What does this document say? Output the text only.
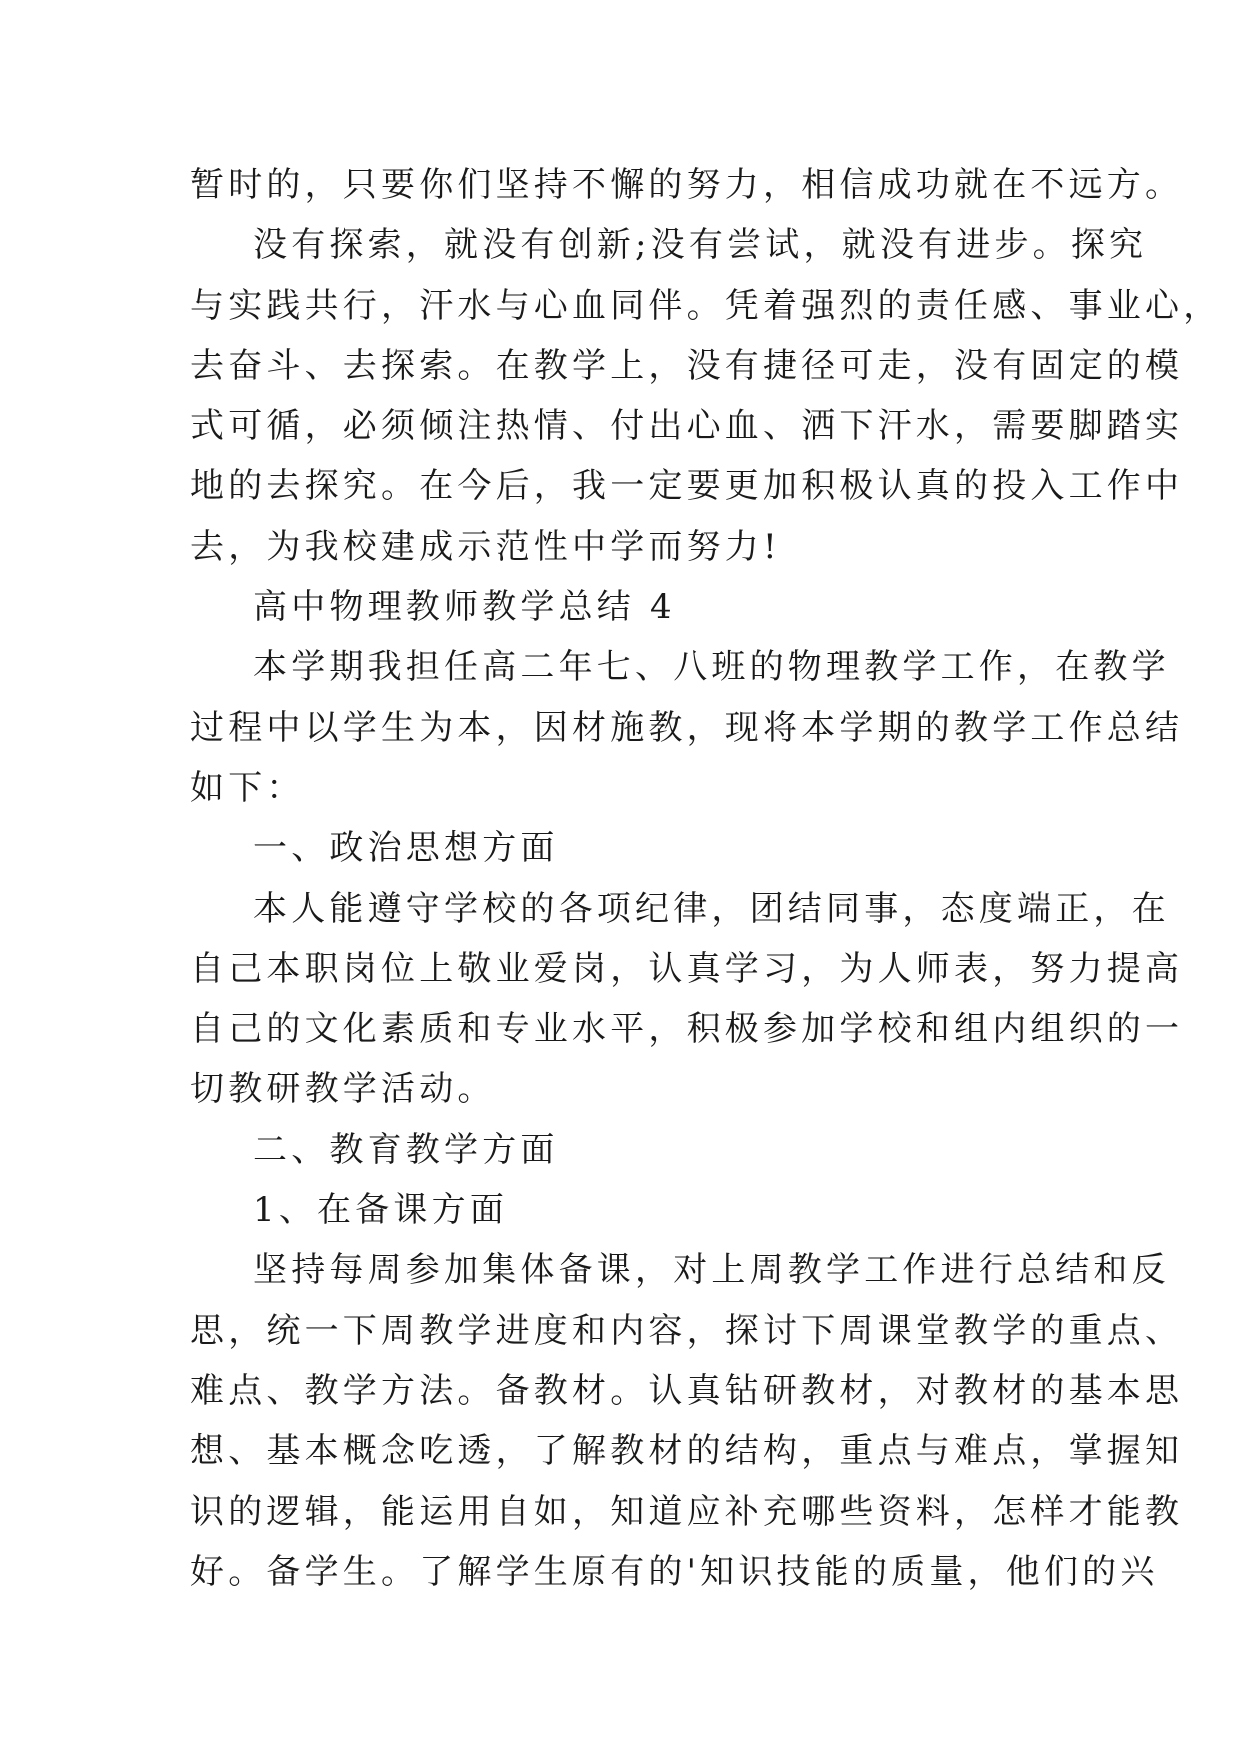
暂时的，只要你们坚持不懈的努力，相信成功就在不远方。
没有探索，就没有创新;没有尝试，就没有进步。探究
与实践共行，汗水与心血同伴。凭着强烈的责任感、事业心，
去奋斗、去探索。在教学上，没有捷径可走，没有固定的模
式可循，必须倾注热情、付出心血、洒下汗水，需要脚踏实
地的去探究。在今后，我一定要更加积极认真的投入工作中
去，为我校建成示范性中学而努力!
高中物理教师教学总结 4
本学期我担任高二年七、八班的物理教学工作，在教学
过程中以学生为本，因材施教，现将本学期的教学工作总结
如下：
一、政治思想方面
本人能遵守学校的各项纪律，团结同事，态度端正，在
自己本职岗位上敬业爱岗，认真学习，为人师表，努力提高
自己的文化素质和专业水平，积极参加学校和组内组织的一
切教研教学活动。
二、教育教学方面
1、在备课方面
坚持每周参加集体备课，对上周教学工作进行总结和反
思，统一下周教学进度和内容，探讨下周课堂教学的重点、
难点、教学方法。备教材。认真钻研教材，对教材的基本思
想、基本概念吃透，了解教材的结构，重点与难点，掌握知
识的逻辑，能运用自如，知道应补充哪些资料，怎样才能教
好。备学生。了解学生原有的'知识技能的质量，他们的兴
